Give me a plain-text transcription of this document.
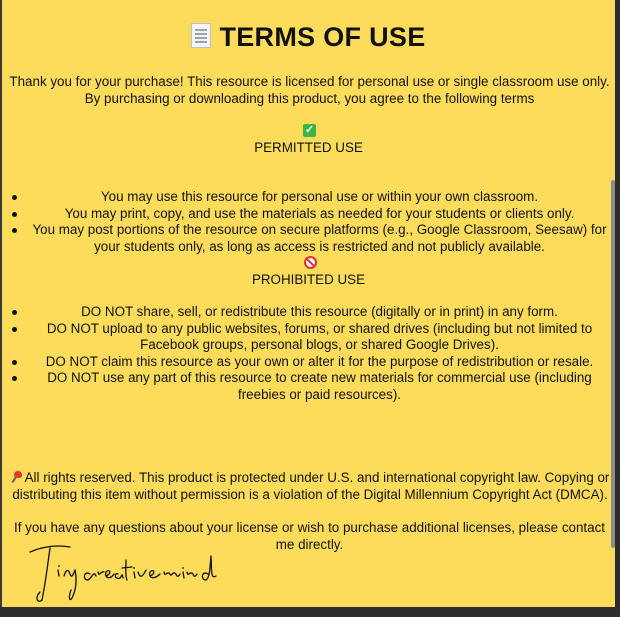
TERMS OF USE
Thank you for your purchase! This resource is licensed for personal use or single classroom use only. By purchasing or downloading this product, you agree to the following terms
✓
PERMITTED USE
You may use this resource for personal use or within your own classroom.
You may print, copy, and use the materials as needed for your students or clients only.
You may post portions of the resource on secure platforms (e.g., Google Classroom, Seesaw) for your students only, as long as access is restricted and not publicly available.
PROHIBITED USE
DO NOT share, sell, or redistribute this resource (digitally or in print) in any form.
DO NOT upload to any public websites, forums, or shared drives (including but not limited to Facebook groups, personal blogs, or shared Google Drives).
DO NOT claim this resource as your own or alter it for the purpose of redistribution or resale.
DO NOT use any part of this resource to create new materials for commercial use (including freebies or paid resources).
All rights reserved. This product is protected under U.S. and international copyright law. Copying or distributing this item without permission is a violation of the Digital Millennium Copyright Act (DMCA).
If you have any questions about your license or wish to purchase additional licenses, please contact me directly.
